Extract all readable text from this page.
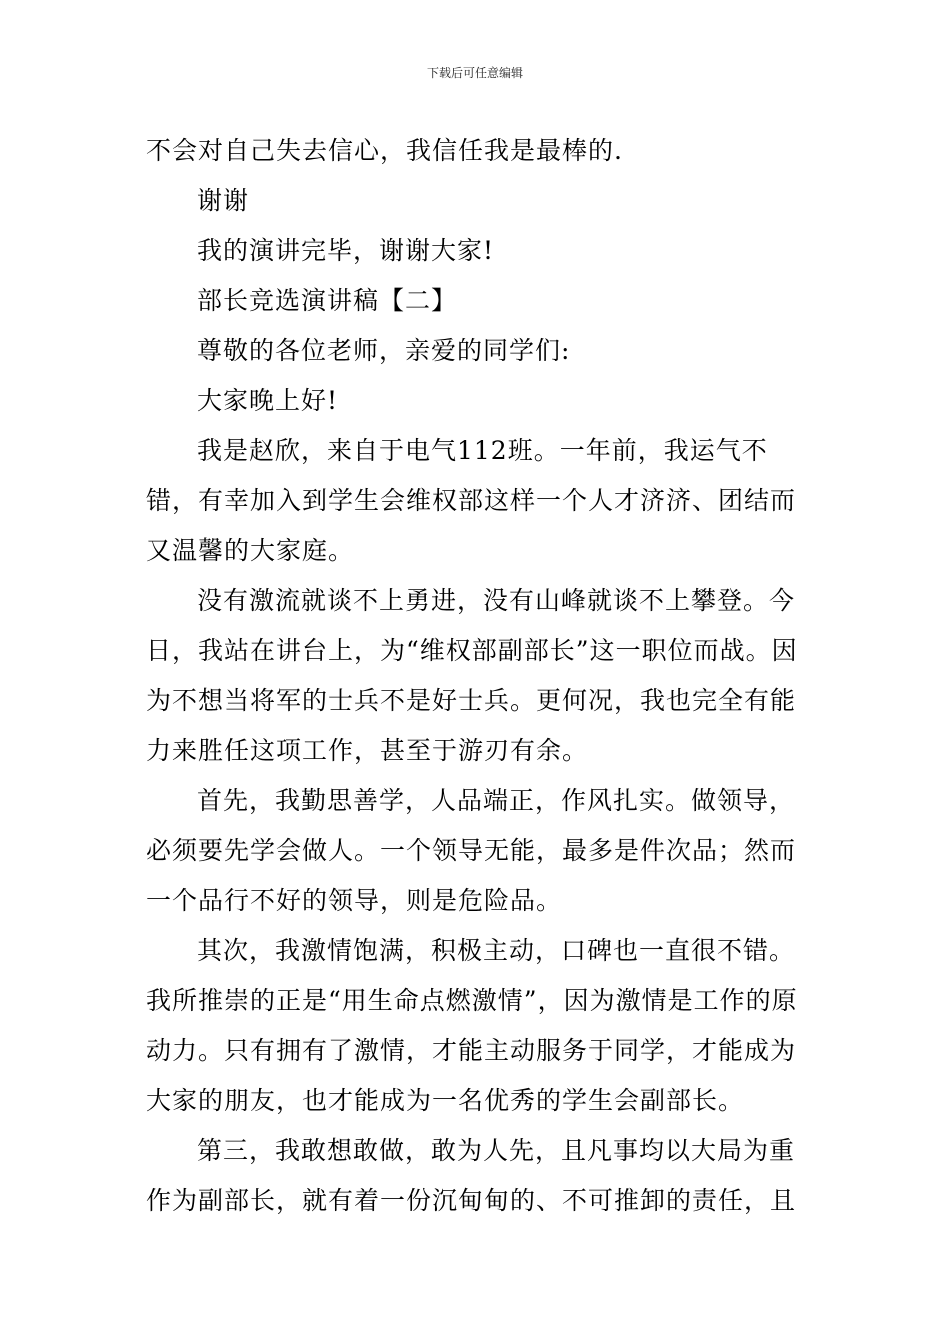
下载后可任意编辑

不会对自己失去信心，我信任我是最棒的.

谢谢

我的演讲完毕，谢谢大家!

部长竞选演讲稿【二】

尊敬的各位老师，亲爱的同学们:

大家晚上好!

我是赵欣，来自于电气112班。一年前，我运气不错，有幸加入到学生会维权部这样一个人才济济、团结而又温馨的大家庭。

没有激流就谈不上勇进，没有山峰就谈不上攀登。今日，我站在讲台上，为“维权部副部长”这一职位而战。因为不想当将军的士兵不是好士兵。更何况，我也完全有能力来胜任这项工作，甚至于游刃有余。

首先，我勤思善学，人品端正，作风扎实。做领导，必须要先学会做人。一个领导无能，最多是件次品；然而一个品行不好的领导，则是危险品。

其次，我激情饱满，积极主动，口碑也一直很不错。我所推崇的正是“用生命点燃激情”，因为激情是工作的原动力。只有拥有了激情，才能主动服务于同学，才能成为大家的朋友，也才能成为一名优秀的学生会副部长。

第三，我敢想敢做，敢为人先，且凡事均以大局为重作为副部长，就有着一份沉甸甸的、不可推卸的责任，且
